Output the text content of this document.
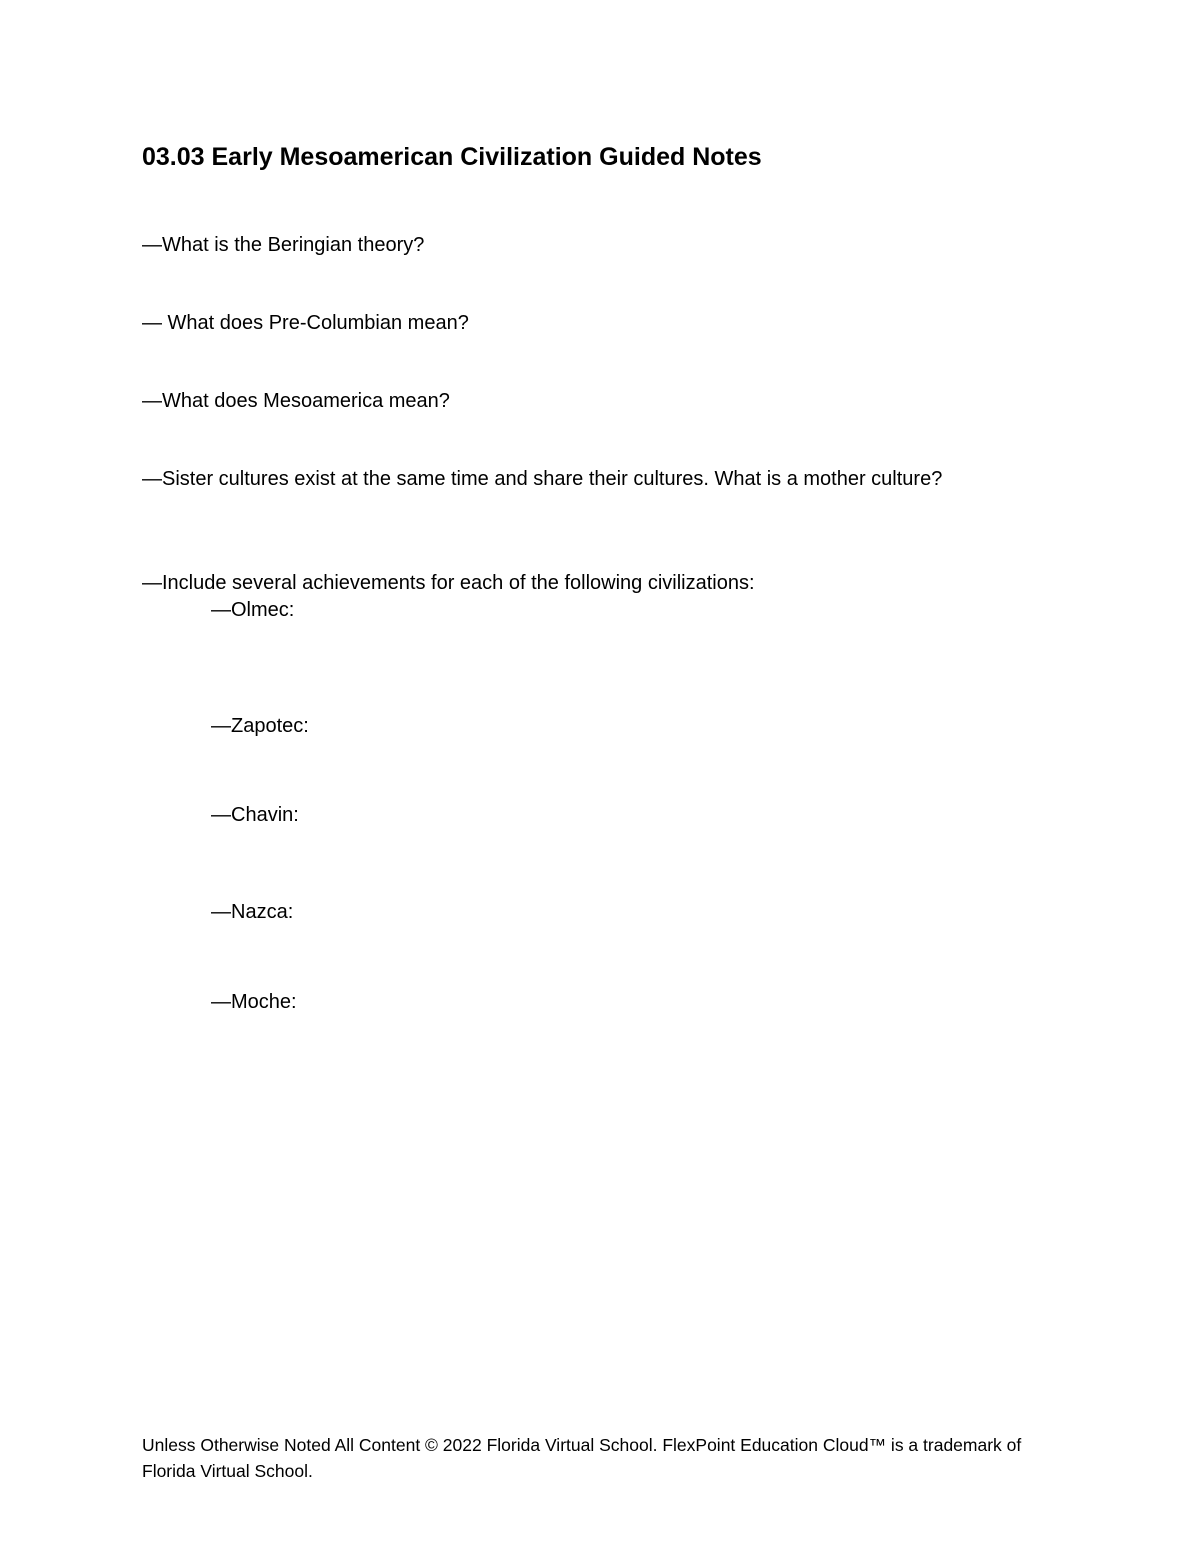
03.03 Early Mesoamerican Civilization Guided Notes

—What is the Beringian theory?

— What does Pre-Columbian mean?

—What does Mesoamerica mean?

—Sister cultures exist at the same time and share their cultures. What is a mother culture?

—Include several achievements for each of the following civilizations:

—Olmec:

—Zapotec:

—Chavin:

—Nazca:

—Moche:

Unless Otherwise Noted All Content © 2022 Florida Virtual School. FlexPoint Education Cloud™ is a trademark of Florida Virtual School.
